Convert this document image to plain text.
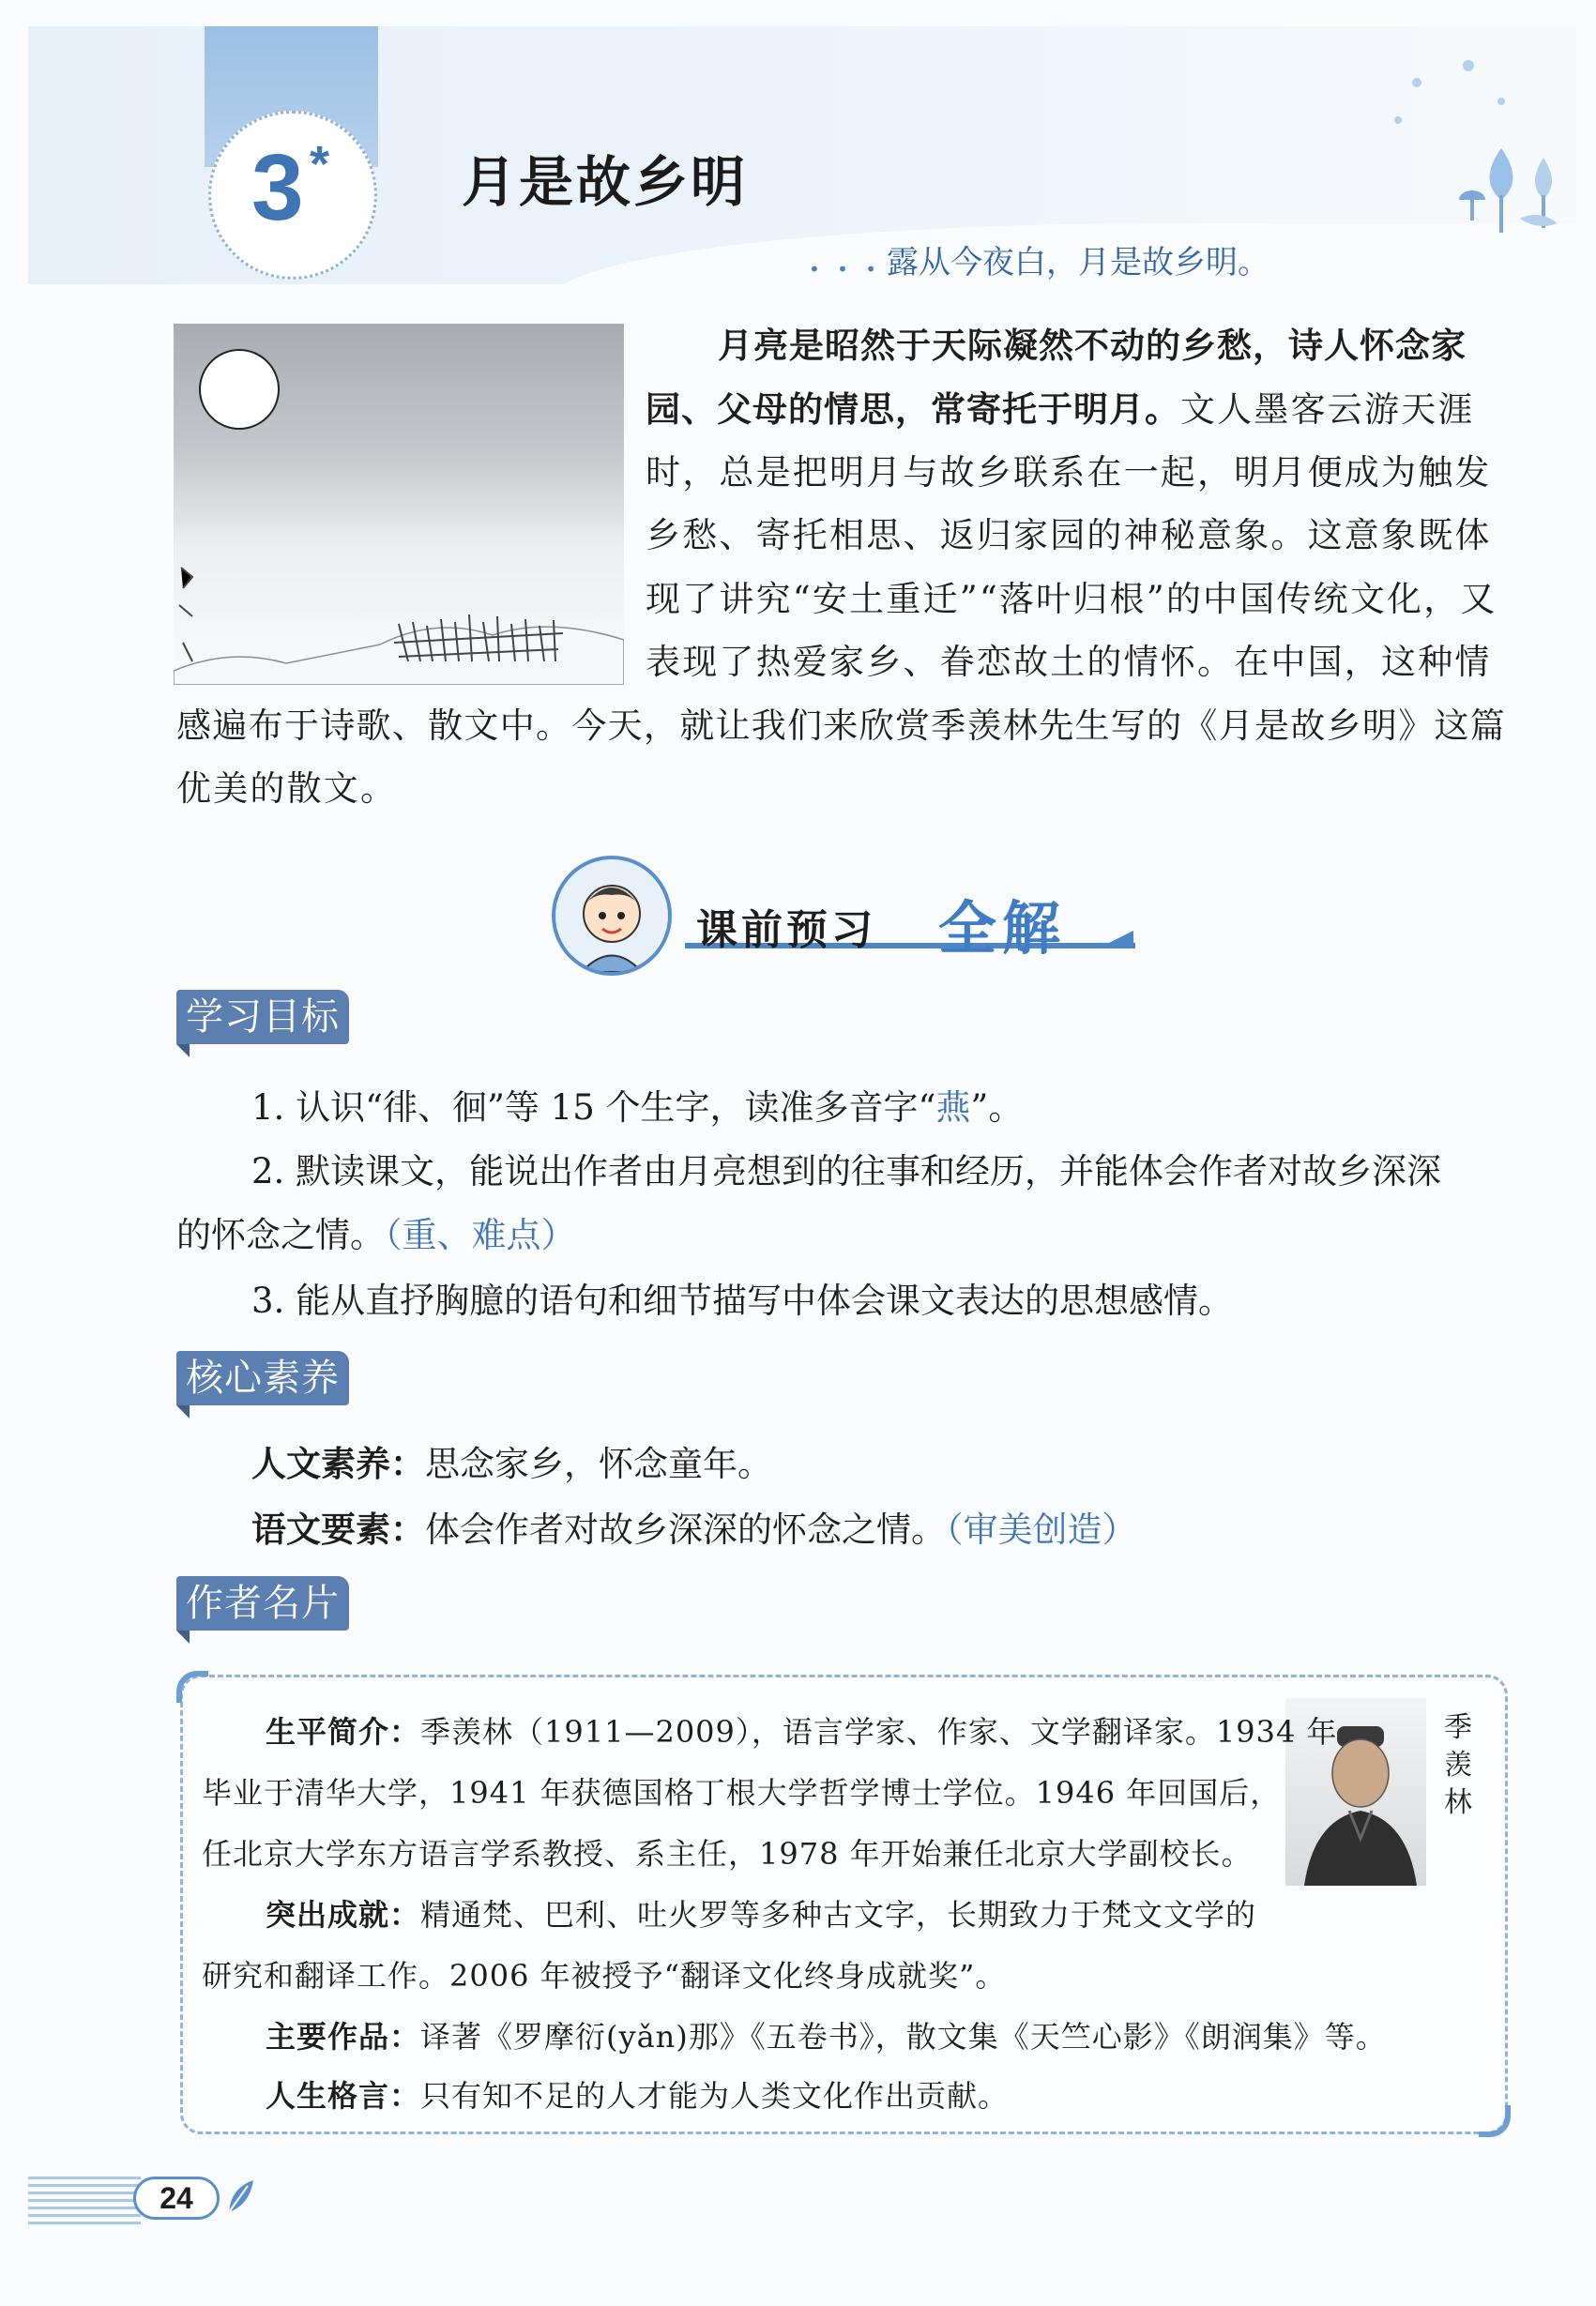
3 * 月是故乡明
• • • 露从今夜白，月是故乡明。
月亮是昭然于天际凝然不动的乡愁，诗人怀念家
园、父母的情思，常寄托于明月。文人墨客云游天涯
时，总是把明月与故乡联系在一起，明月便成为触发
乡愁、寄托相思、返归家园的神秘意象。这意象既体
现了讲究“安土重迁”“落叶归根”的中国传统文化，又
表现了热爱家乡、眷恋故土的情怀。在中国，这种情
感遍布于诗歌、散文中。今天，就让我们来欣赏季羡林先生写的《月是故乡明》这篇
优美的散文。
课前预习 全解
学习目标
1. 认识“徘、徊”等 15 个生字，读准多音字“燕”。
2. 默读课文，能说出作者由月亮想到的往事和经历，并能体会作者对故乡深深
的怀念之情。（重、难点）
3. 能从直抒胸臆的语句和细节描写中体会课文表达的思想感情。
核心素养
人文素养：思念家乡，怀念童年。
语文要素：体会作者对故乡深深的怀念之情。（审美创造）
作者名片
季羡林
生平简介：季羡林（1911—2009），语言学家、作家、文学翻译家。1934 年
毕业于清华大学，1941 年获德国格丁根大学哲学博士学位。1946 年回国后，
任北京大学东方语言学系教授、系主任，1978 年开始兼任北京大学副校长。
突出成就：精通梵、巴利、吐火罗等多种古文字，长期致力于梵文文学的
研究和翻译工作。2006 年被授予“翻译文化终身成就奖”。
主要作品：译著《罗摩衍(yǎn)那》《五卷书》，散文集《天竺心影》《朗润集》等。
人生格言：只有知不足的人才能为人类文化作出贡献。
24
